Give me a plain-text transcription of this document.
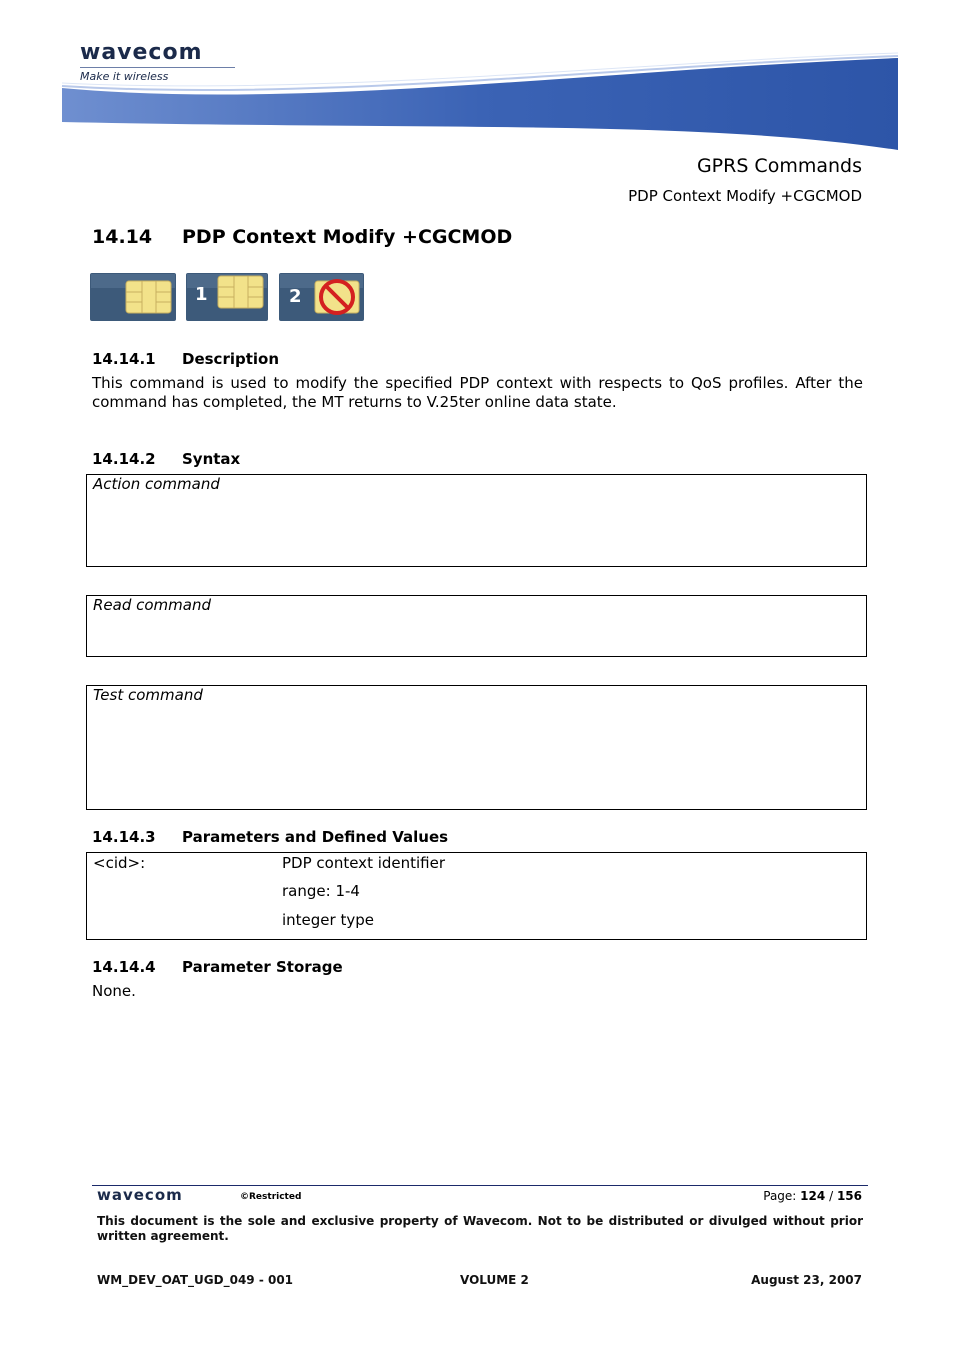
wavecom
Make it wireless
GPRS Commands
PDP Context Modify +CGCMOD
14.14 PDP Context Modify +CGCMOD
1	2
14.14.1 Description
This command is used to modify the specified PDP context with respects to QoS profiles. After the command has completed, the MT returns to V.25ter online data state.
14.14.2 Syntax
Action command
Read command
Test command
14.14.3 Parameters and Defined Values
<cid>:	PDP context identifier
range: 1-4
integer type
14.14.4 Parameter Storage
None.
wavecom	©Restricted	Page: 124 / 156
This document is the sole and exclusive property of Wavecom. Not to be distributed or divulged without prior written agreement.
WM_DEV_OAT_UGD_049 - 001	VOLUME 2	August 23, 2007
